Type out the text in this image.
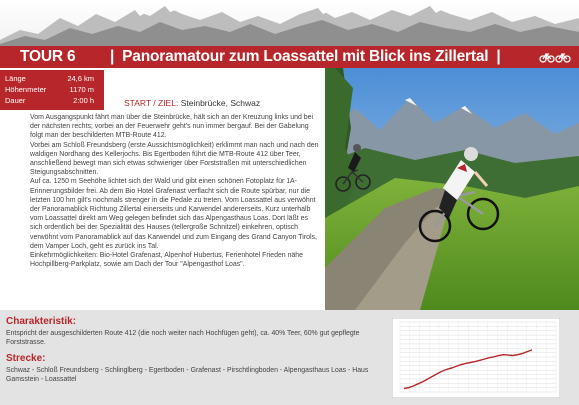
TOUR 6	| Panoramatour zum Loassattel mit Blick ins Zillertal |
Länge	24,6 km
Höhenmeter	1170 m
Dauer	2:00 h	START / ZIEL: Steinbrücke, Schwaz

Vom Ausgangspunkt fährt man über die Steinbrücke, hält sich an der Kreuzung links und bei der nächsten rechts; vorbei an der Feuerwehr geht's nun immer bergauf. Bei der Gabelung folgt man der beschilderten MTB-Route 412.

Vorbei am Schloß Freundsberg (erste Aussichtsmöglichkeit) erklimmt man nach und nach den waldigen Nordhang des Kellerjochs. Bis Egertboden führt die MTB-Route 412 über Teer, anschließend bewegt man sich etwas schwieriger über Forststraßen mit unterschiedlichen Steigungsabschnitten.

Auf ca. 1250 m Seehöhe lichtet sich der Wald und gibt einen schönen Fotoplatz für 1A-Erinnerungsbilder frei. Ab dem Bio Hotel Grafenast verflacht sich die Route spürbar, nur die letzten 100 hm gilt's nochmals strenger in die Pedale zu treten. Vom Loassattel aus verwöhnt der Panoramablick Richtung Zillertal einerseits und Karwendel andererseits. Kurz unterhalb vom Loassattel direkt am Weg gelegen befindet sich das Alpengasthaus Loas. Dort läßt es sich ordentlich bei der Spezialität des Hauses (tellergroße Schnitzel) einkehren, optisch verwöhnt vom Panoramablick auf das Karwendel und zum Eingang des Grand Canyon Tirols, dem Vamper Loch, geht es zurück ins Tal.

Einkehrmöglichkeiten: Bio-Hotel Grafenast, Alpenhof Hubertus, Ferienhotel Frieden nähe Hochpillberg-Parkplatz, sowie am Dach der Tour "Alpengasthof Loas".

Charakteristik:
Entspricht der ausgeschilderten Route 412 (die noch weiter nach Hochfügen geht), ca. 40% Teer, 60% gut gepflegte Forststrasse.
Strecke:
Schwaz - Schloß Freundsberg - Schlinglberg - Egertboden - Grafenast - Pirschtlingboden - Alpengasthaus Loas - Haus Gamsstein - Loassattel
